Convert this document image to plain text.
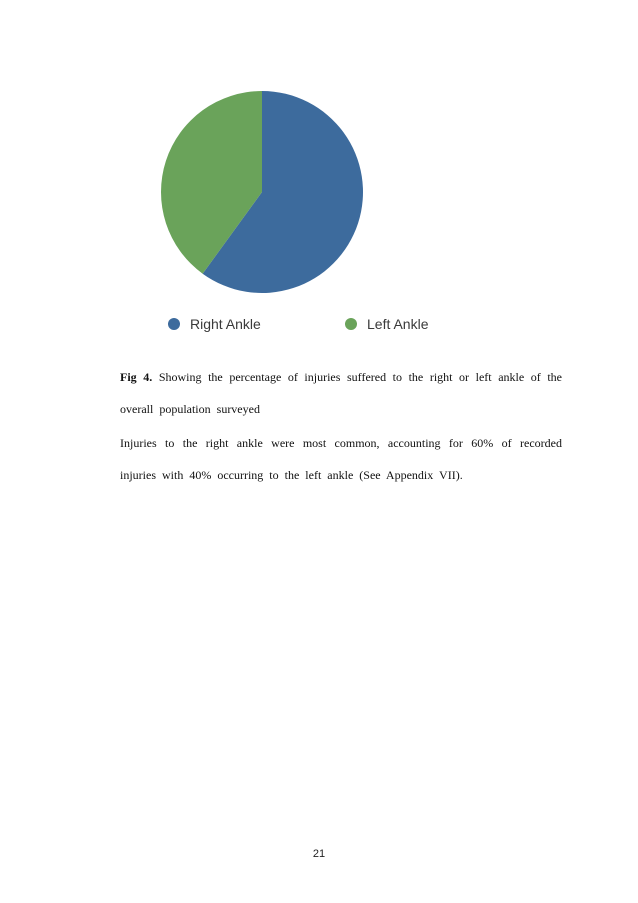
Right Ankle	Left Ankle

Fig 4. Showing the percentage of injuries suffered to the right or left ankle of the overall population surveyed

Injuries to the right ankle were most common, accounting for 60% of recorded injuries with 40% occurring to the left ankle (See Appendix VII).

21
